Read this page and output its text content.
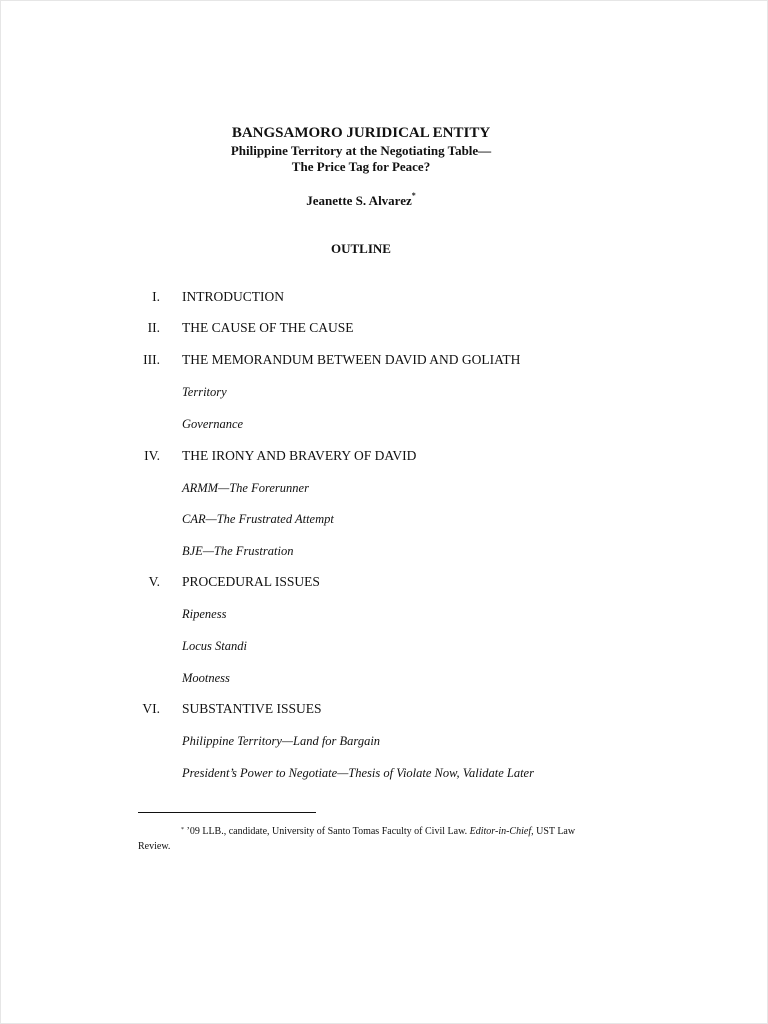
BANGSAMORO JURIDICAL ENTITY
Philippine Territory at the Negotiating Table—
The Price Tag for Peace?
Jeanette S. Alvarez*
OUTLINE
I. INTRODUCTION
II. THE CAUSE OF THE CAUSE
III. THE MEMORANDUM BETWEEN DAVID AND GOLIATH
Territory
Governance
IV. THE IRONY AND BRAVERY OF DAVID
ARMM—The Forerunner
CAR—The Frustrated Attempt
BJE—The Frustration
V. PROCEDURAL ISSUES
Ripeness
Locus Standi
Mootness
VI. SUBSTANTIVE ISSUES
Philippine Territory—Land for Bargain
President’s Power to Negotiate—Thesis of Violate Now, Validate Later
* ’09 LLB., candidate, University of Santo Tomas Faculty of Civil Law. Editor-in-Chief, UST Law Review.
